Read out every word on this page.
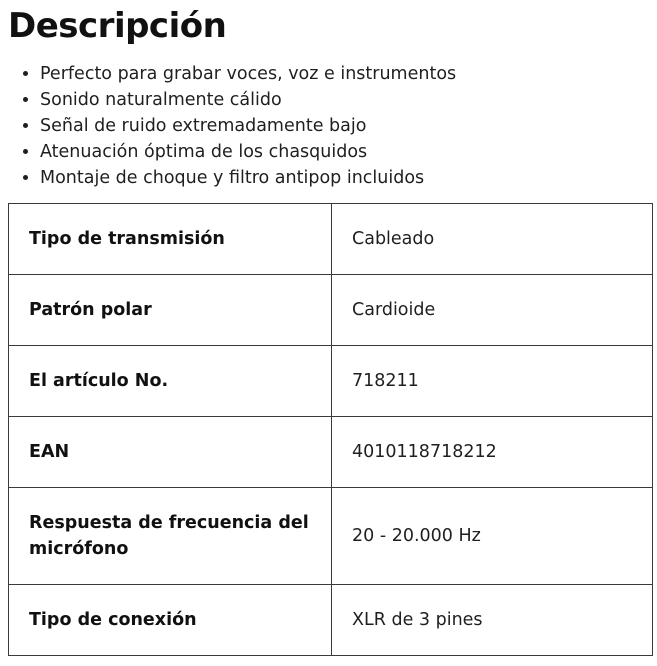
Descripción
• Perfecto para grabar voces, voz e instrumentos
• Sonido naturalmente cálido
• Señal de ruido extremadamente bajo
• Atenuación óptima de los chasquidos
• Montaje de choque y filtro antipop incluidos
Tipo de transmisión	Cableado
Patrón polar	Cardioide
El artículo No.	718211
EAN	4010118718212
Respuesta de frecuencia del micrófono	20 - 20.000 Hz
Tipo de conexión	XLR de 3 pines
